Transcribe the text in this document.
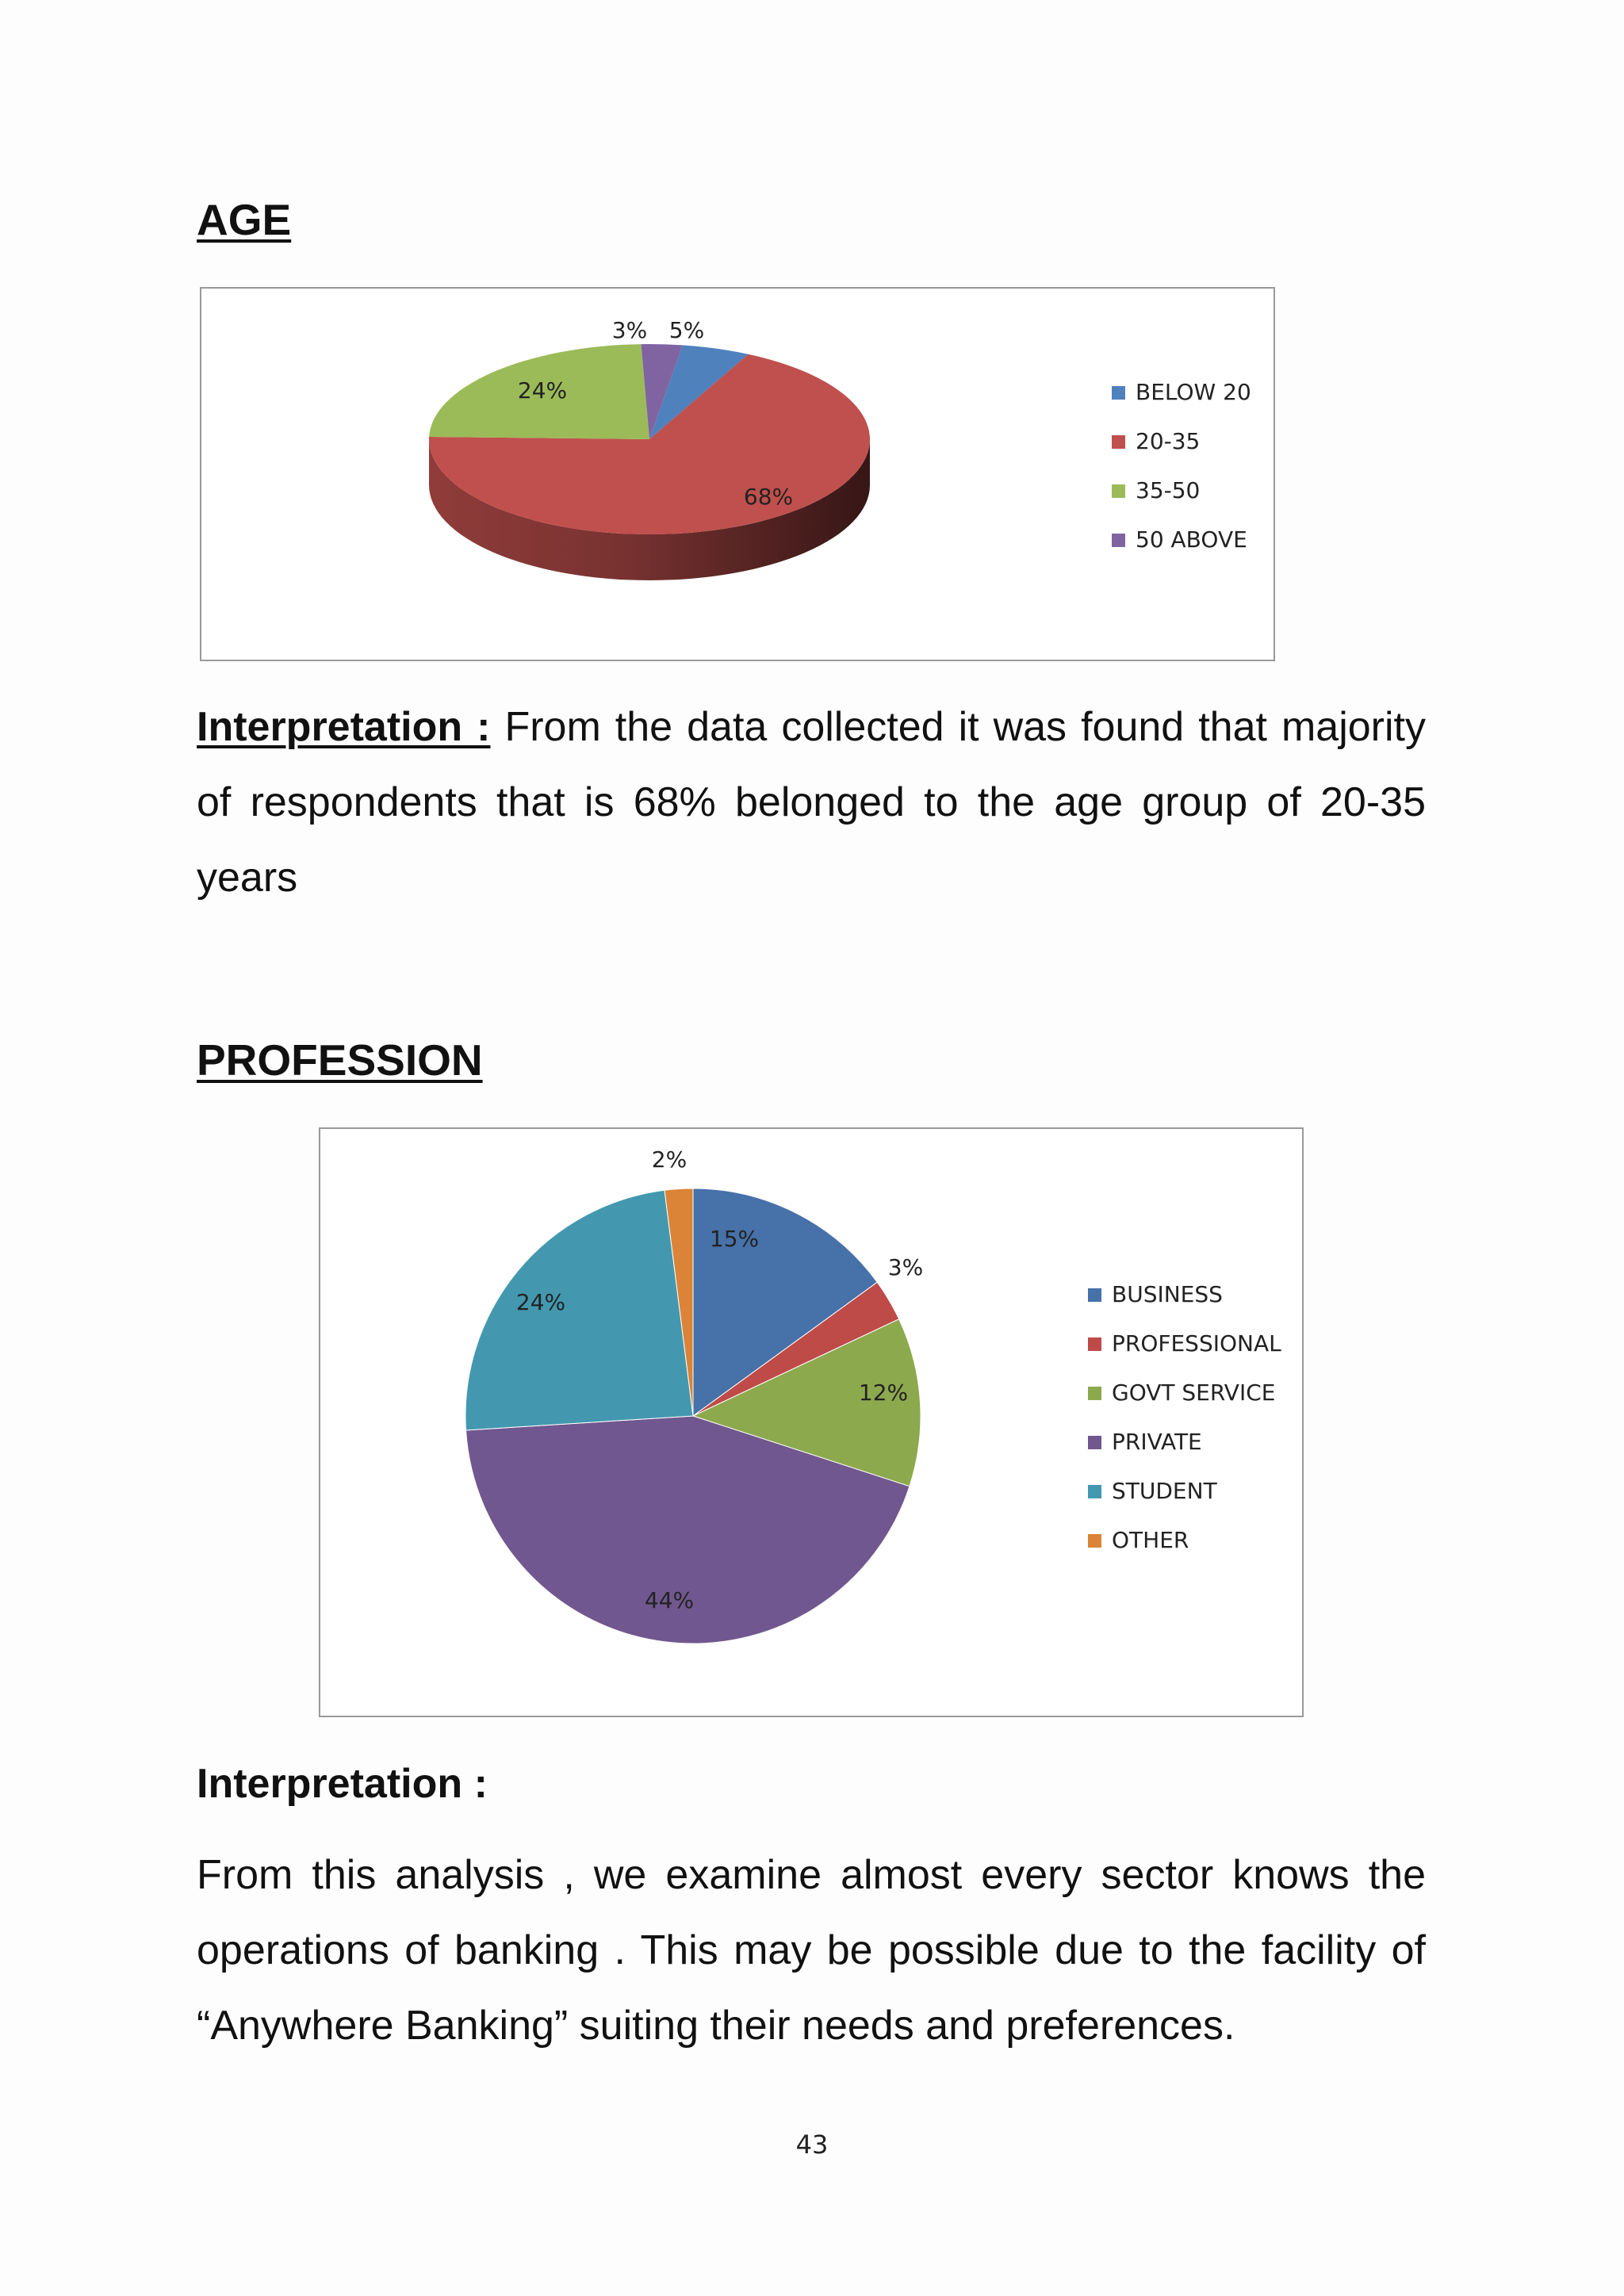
AGE
5%
68%
24%
3%
BELOW 20
20-35
35-50
50 ABOVE

Interpretation : From the data collected it was found that majority of respondents that is 68% belonged to the age group of 20-35 years

PROFESSION
15%
3%
12%
44%
24%
2%
BUSINESS
PROFESSIONAL
GOVT SERVICE
PRIVATE
STUDENT
OTHER
Interpretation :

From this analysis , we examine almost every sector knows the operations of banking . This may be possible due to the facility of “Anywhere Banking” suiting their needs and preferences.

43
